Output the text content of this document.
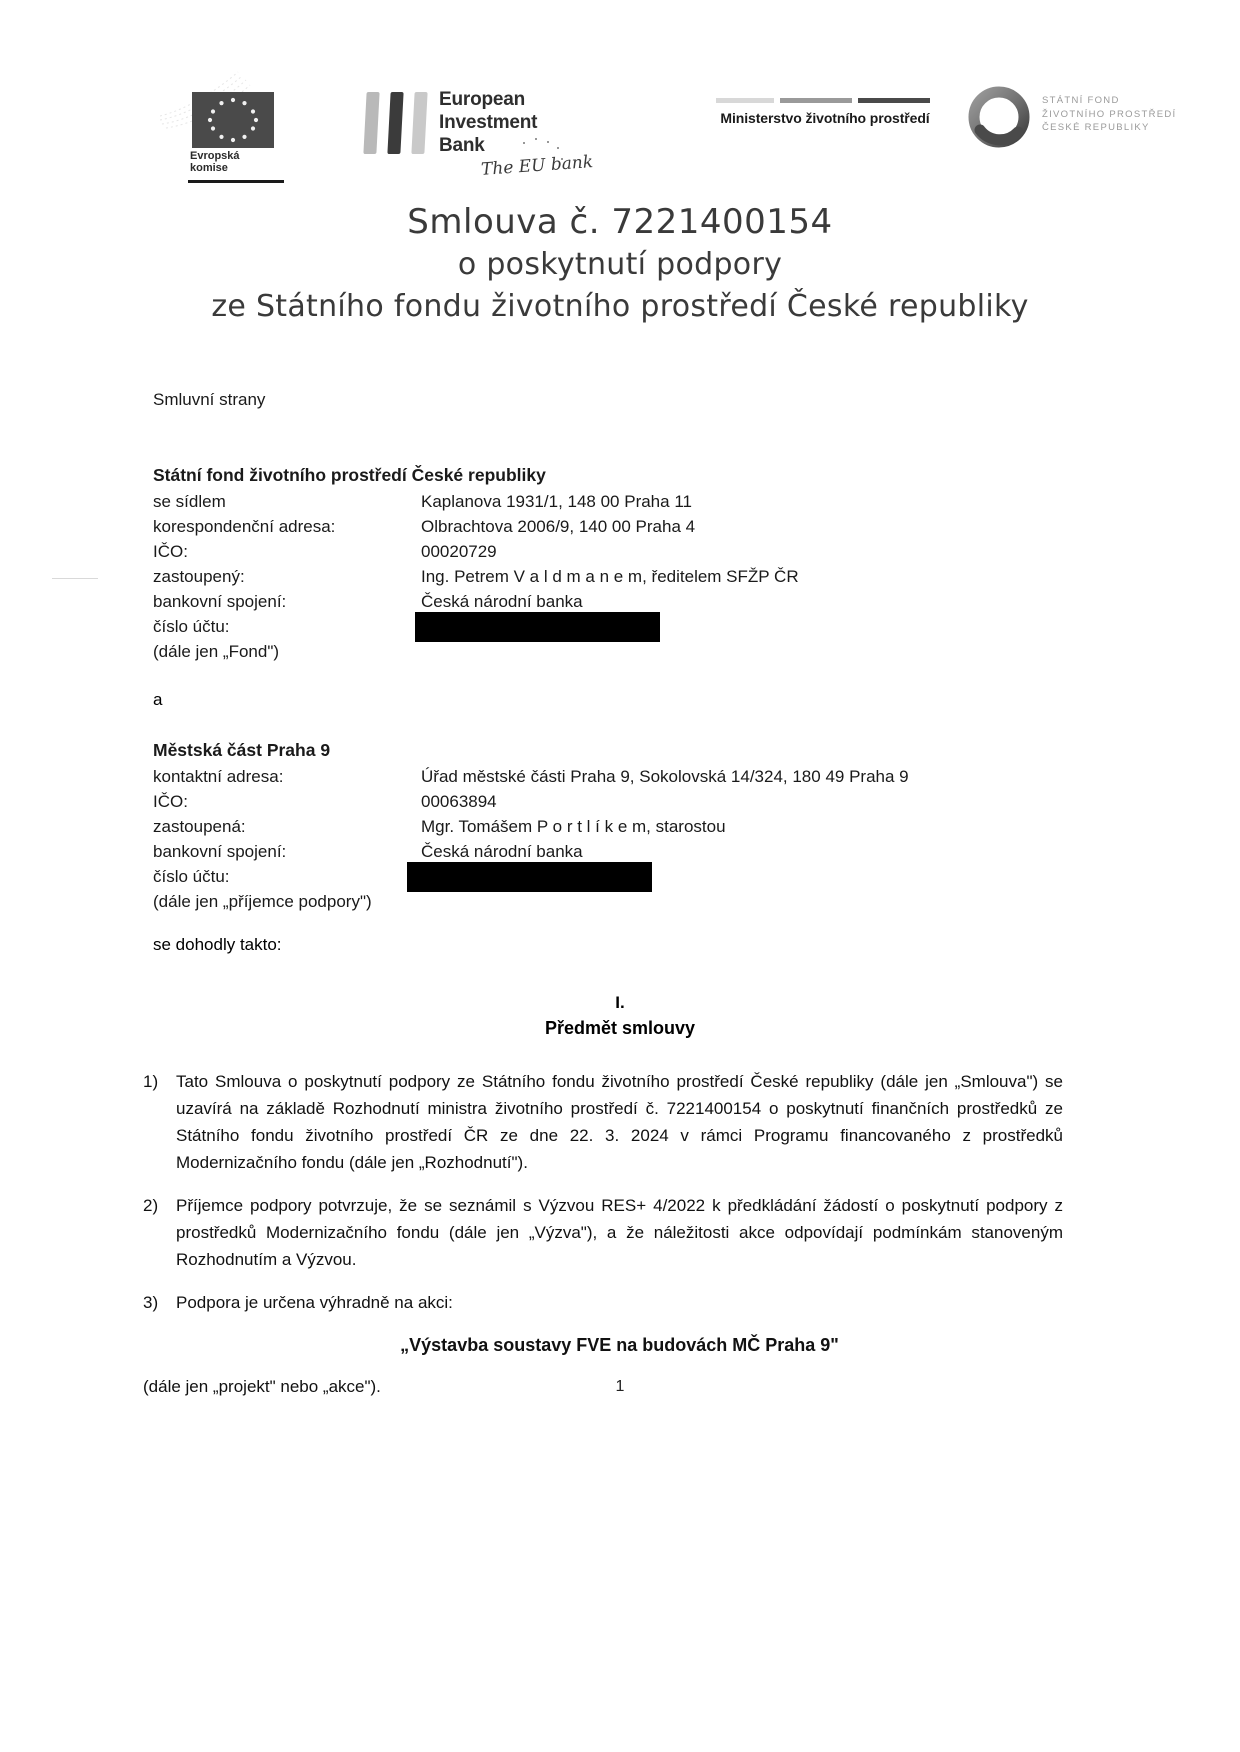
Evropská
komise
European
Investment
Bank
The EU bank
Ministerstvo životního prostředí
STÁTNÍ FOND
ŽIVOTNÍHO PROSTŘEDÍ
ČESKÉ REPUBLIKY
Smlouva č. 7221400154
o poskytnutí podpory
ze Státního fondu životního prostředí České republiky
Smluvní strany
Státní fond životního prostředí České republiky
se sídlem	Kaplanova 1931/1, 148 00 Praha 11
korespondenční adresa:	Olbrachtova 2006/9, 140 00 Praha 4
IČO:	00020729
zastoupený:	Ing. Petrem V a l d m a n e m, ředitelem SFŽP ČR
bankovní spojení:	Česká národní banka
číslo účtu:
(dále jen „Fond")
a
Městská část Praha 9
kontaktní adresa:	Úřad městské části Praha 9, Sokolovská 14/324, 180 49 Praha 9
IČO:	00063894
zastoupená:	Mgr. Tomášem P o r t l í k e m, starostou
bankovní spojení:	Česká národní banka
číslo účtu:
(dále jen „příjemce podpory")
se dohodly takto:
I.
Předmět smlouvy
1)	Tato Smlouva o poskytnutí podpory ze Státního fondu životního prostředí České republiky (dále jen „Smlouva") se uzavírá na základě Rozhodnutí ministra životního prostředí č. 7221400154 o poskytnutí finančních prostředků ze Státního fondu životního prostředí ČR ze dne 22. 3. 2024 v rámci Programu financovaného z prostředků Modernizačního fondu (dále jen „Rozhodnutí").
2)	Příjemce podpory potvrzuje, že se seznámil s Výzvou RES+ 4/2022 k předkládání žádostí o poskytnutí podpory z prostředků Modernizačního fondu (dále jen „Výzva"), a že náležitosti akce odpovídají podmínkám stanoveným Rozhodnutím a Výzvou.
3)	Podpora je určena výhradně na akci:
„Výstavba soustavy FVE na budovách MČ Praha 9"
(dále jen „projekt" nebo „akce").	1
